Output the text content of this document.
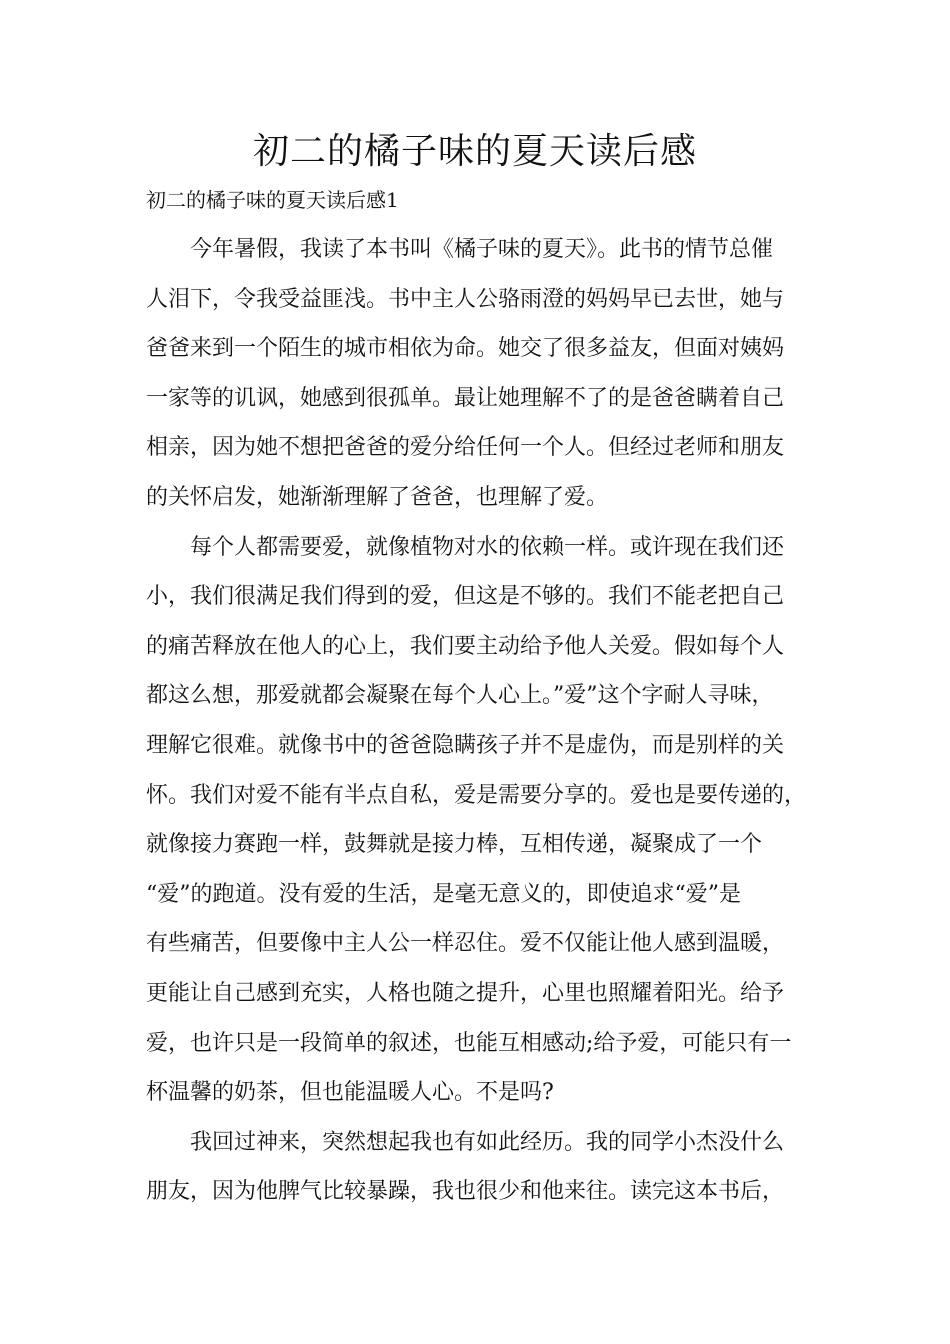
初二的橘子味的夏天读后感

初二的橘子味的夏天读后感1

今年暑假，我读了本书叫《橘子味的夏天》。此书的情节总催

人泪下，令我受益匪浅。书中主人公骆雨澄的妈妈早已去世，她与

爸爸来到一个陌生的城市相依为命。她交了很多益友，但面对姨妈

一家等的讥讽，她感到很孤单。最让她理解不了的是爸爸瞒着自己

相亲，因为她不想把爸爸的爱分给任何一个人。但经过老师和朋友

的关怀启发，她渐渐理解了爸爸，也理解了爱。

每个人都需要爱，就像植物对水的依赖一样。或许现在我们还

小，我们很满足我们得到的爱，但这是不够的。我们不能老把自己

的痛苦释放在他人的心上，我们要主动给予他人关爱。假如每个人

都这么想，那爱就都会凝聚在每个人心上。”爱”这个字耐人寻味，

理解它很难。就像书中的爸爸隐瞒孩子并不是虚伪，而是别样的关

怀。我们对爱不能有半点自私，爱是需要分享的。爱也是要传递的，

就像接力赛跑一样，鼓舞就是接力棒，互相传递，凝聚成了一个

“爱”的跑道。没有爱的生活，是毫无意义的，即使追求“爱”是

有些痛苦，但要像中主人公一样忍住。爱不仅能让他人感到温暖，

更能让自己感到充实，人格也随之提升，心里也照耀着阳光。给予

爱，也许只是一段简单的叙述，也能互相感动;给予爱，可能只有一

杯温馨的奶茶，但也能温暖人心。不是吗?

我回过神来，突然想起我也有如此经历。我的同学小杰没什么

朋友，因为他脾气比较暴躁，我也很少和他来往。读完这本书后，
